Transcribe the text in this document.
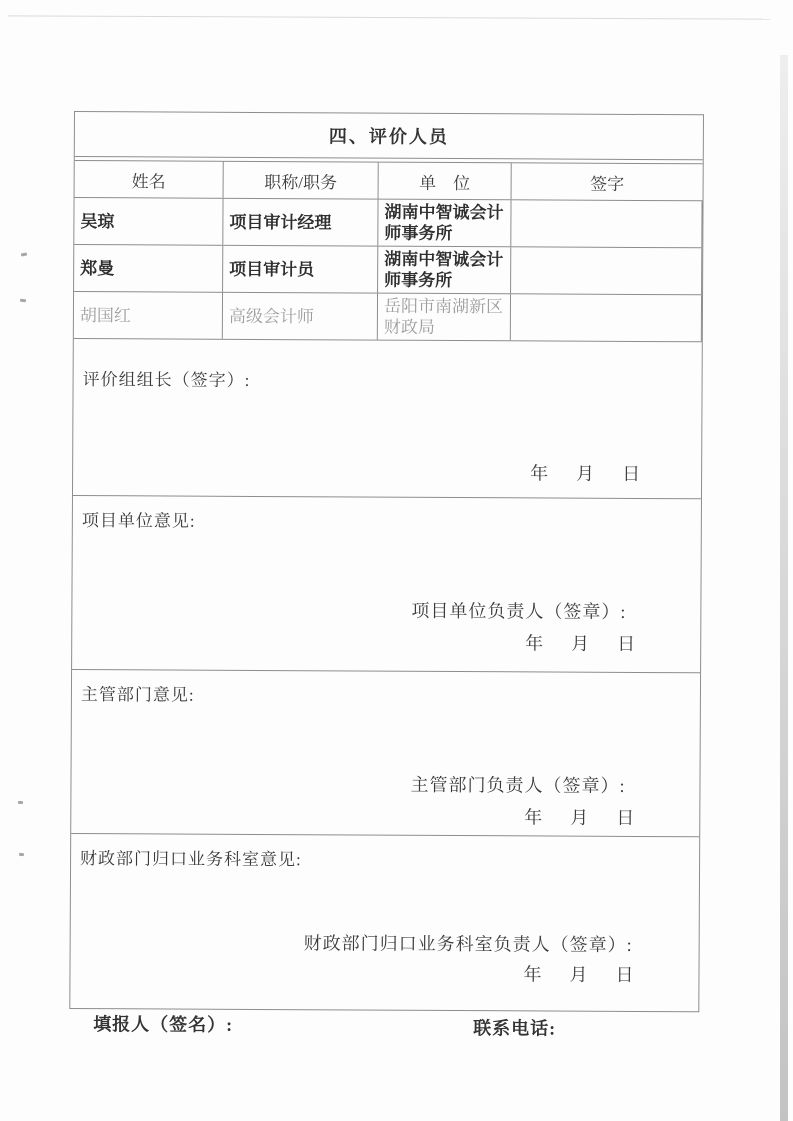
四、评价人员
姓名	职称/职务	单　位	签字
吴琼	项目审计经理	湖南中智诚会计师事务所
郑曼	项目审计员	湖南中智诚会计师事务所
胡国红	高级会计师	岳阳市南湖新区财政局
评价组组长（签字）:
年　月　日
项目单位意见:
项目单位负责人（签章）:
年　月　日
主管部门意见:
主管部门负责人（签章）:
年　月　日
财政部门归口业务科室意见:
财政部门归口业务科室负责人（签章）:
年　月　日
填报人（签名）:	联系电话:
